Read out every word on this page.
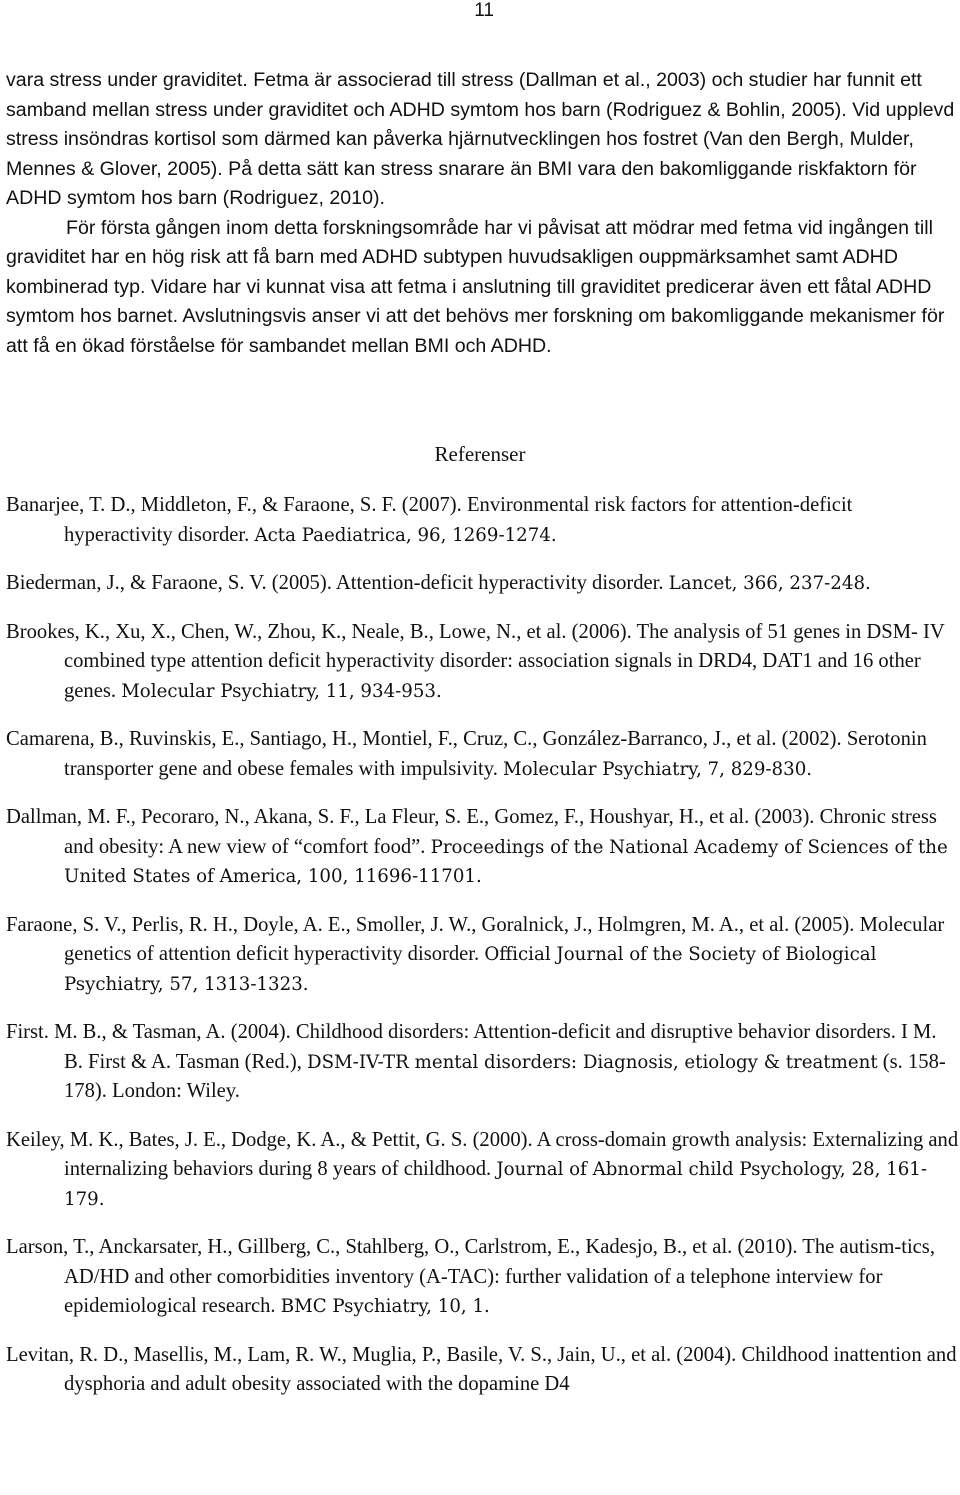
11

vara stress under graviditet. Fetma är associerad till stress (Dallman et al., 2003) och studier har funnit ett samband mellan stress under graviditet och ADHD symtom hos barn (Rodriguez & Bohlin, 2005). Vid upplevd stress insöndras kortisol som därmed kan påverka hjärnutvecklingen hos fostret (Van den Bergh, Mulder, Mennes & Glover, 2005). På detta sätt kan stress snarare än BMI vara den bakomliggande riskfaktorn för ADHD symtom hos barn (Rodriguez, 2010).

För första gången inom detta forskningsområde har vi påvisat att mödrar med fetma vid ingången till graviditet har en hög risk att få barn med ADHD subtypen huvudsakligen ouppmärksamhet samt ADHD kombinerad typ. Vidare har vi kunnat visa att fetma i anslutning till graviditet predicerar även ett fåtal ADHD symtom hos barnet. Avslutningsvis anser vi att det behövs mer forskning om bakomliggande mekanismer för att få en ökad förståelse för sambandet mellan BMI och ADHD.

Referenser

Banarjee, T. D., Middleton, F., & Faraone, S. F. (2007). Environmental risk factors for attention-deficit hyperactivity disorder. Acta Paediatrica, 96, 1269-1274.

Biederman, J., & Faraone, S. V. (2005). Attention-deficit hyperactivity disorder. Lancet, 366, 237-248.

Brookes, K., Xu, X., Chen, W., Zhou, K., Neale, B., Lowe, N., et al. (2006). The analysis of 51 genes in DSM- IV combined type attention deficit hyperactivity disorder: association signals in DRD4, DAT1 and 16 other genes. Molecular Psychiatry, 11, 934-953.

Camarena, B., Ruvinskis, E., Santiago, H., Montiel, F., Cruz, C., González-Barranco, J., et al. (2002). Serotonin transporter gene and obese females with impulsivity. Molecular Psychiatry, 7, 829-830.

Dallman, M. F., Pecoraro, N., Akana, S. F., La Fleur, S. E., Gomez, F., Houshyar, H., et al. (2003). Chronic stress and obesity: A new view of “comfort food”. Proceedings of the National Academy of Sciences of the United States of America, 100, 11696-11701.

Faraone, S. V., Perlis, R. H., Doyle, A. E., Smoller, J. W., Goralnick, J., Holmgren, M. A., et al. (2005). Molecular genetics of attention deficit hyperactivity disorder. Official Journal of the Society of Biological Psychiatry, 57, 1313-1323.

First. M. B., & Tasman, A. (2004). Childhood disorders: Attention-deficit and disruptive behavior disorders. I M. B. First & A. Tasman (Red.), DSM-IV-TR mental disorders: Diagnosis, etiology & treatment (s. 158-178). London: Wiley.

Keiley, M. K., Bates, J. E., Dodge, K. A., & Pettit, G. S. (2000). A cross-domain growth analysis: Externalizing and internalizing behaviors during 8 years of childhood. Journal of Abnormal child Psychology, 28, 161-179.

Larson, T., Anckarsater, H., Gillberg, C., Stahlberg, O., Carlstrom, E., Kadesjo, B., et al. (2010). The autism-tics, AD/HD and other comorbidities inventory (A-TAC): further validation of a telephone interview for epidemiological research. BMC Psychiatry, 10, 1.

Levitan, R. D., Masellis, M., Lam, R. W., Muglia, P., Basile, V. S., Jain, U., et al. (2004). Childhood inattention and dysphoria and adult obesity associated with the dopamine D4
